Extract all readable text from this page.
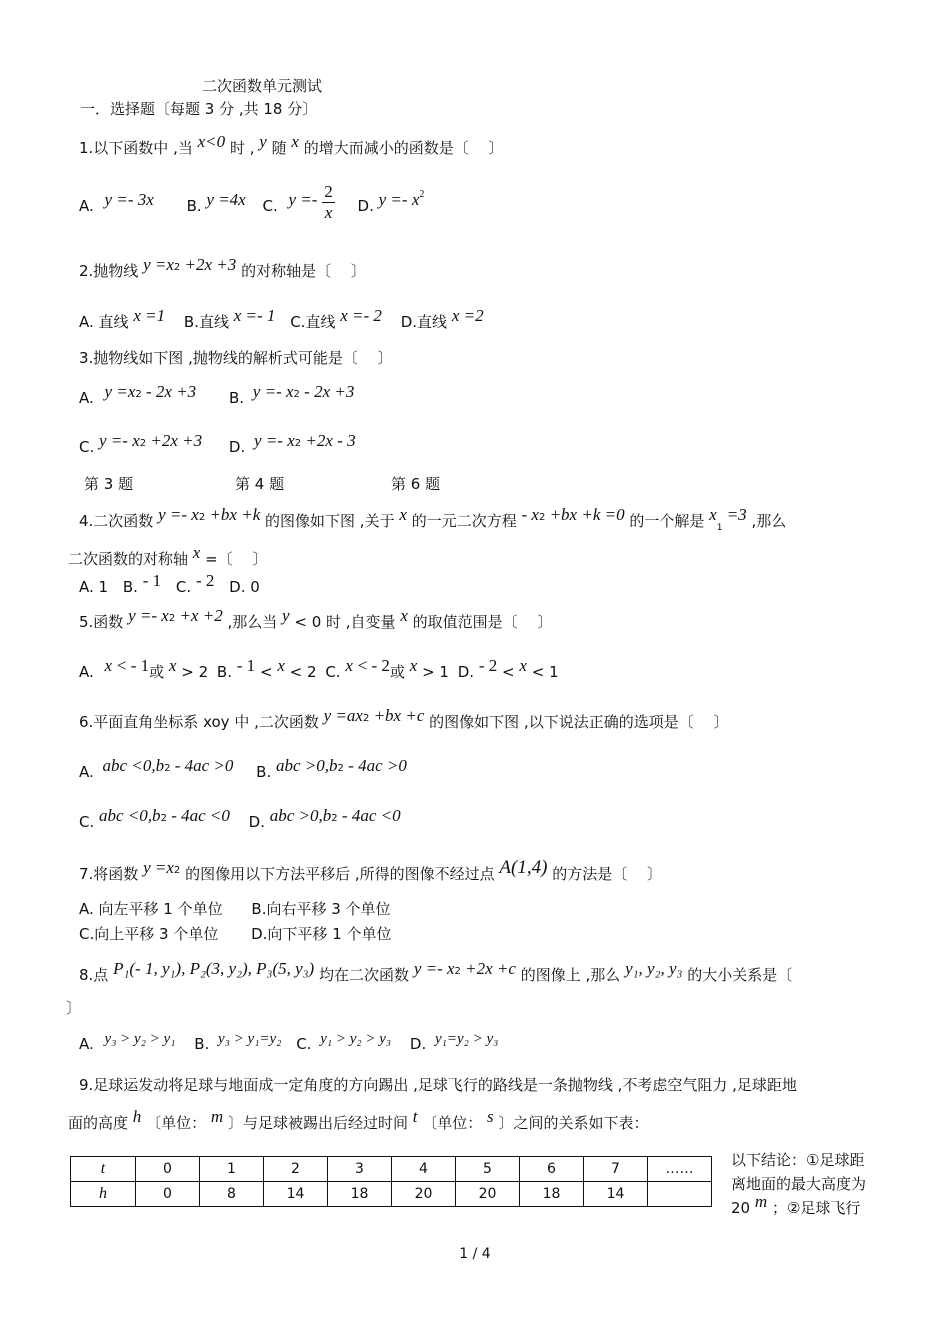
二次函数单元测试
一．选择题〔每题 3 分 ,共 18 分〕
1.以下函数中 ,当 x<0 时 , y 随 x 的增大而减小的函数是〔　 〕
A. y =- 3x B. y =4x C. $y =- \frac{2}{x} D$. $y =- x^2$
2.抛物线 $y =x^2 +2x +3$ 的对称轴是〔　 〕
A. 直线 x =1 B.直线 x =- 1 C.直线 x =- 2 D.直线 x =2
3.抛物线如下图 ,抛物线的解析式可能是〔　 〕
A. $y =x^2 - 2x +3$ B. $y =- x^2 - 2x +3$
C. $y =- x^2 +2x +3$ D. $y =- x^2 +2x - 3$
第 3 题	第 4 题	第 6 题
4.二次函数 $y =- x^2 +bx +k$ 的图像如下图 ,关于 x 的一元二次方程 - $x^2 +bx +k =0$ 的一个解是 $x_1 =3$ ,那么
二次函数的对称轴 x =〔　 〕
A. 1 B. - 1 C. - 2 D. 0
5.函数 $y =- x^2 +x +2$ ,那么当 y < 0 时 ,自变量 x 的取值范围是〔　 〕
A. x < - 1或 x > 2 B. - 1 < x < 2 C. x < - 2或 x > 1 D. - 2 < x < 1
6.平面直角坐标系 xoy 中 ,二次函数 $y =ax^2 +bx +c$ 的图像如下图 ,以下说法正确的选项是〔　 〕
A. abc $<0,b^2 - 4ac >0$ B. abc $>0,b^2 - 4ac >0$
C. abc $<0,b^2 - 4ac <0$ D. abc $>0,b^2 - 4ac <0$
7.将函数 $y =x^2$ 的图像用以下方法平移后 ,所得的图像不经过点 A(1,4) 的方法是〔　 〕
A. 向左平移 1 个单位 B.向右平移 3 个单位
C.向上平移 3 个单位 D.向下平移 1 个单位
8.点 P₁(- 1, y₁), P₂(3, y₂), P₃(5, y₃) 均在二次函数 $y =- x^2 +2x +c$ 的图像上 ,那么 y₁, y₂, y₃ 的大小关系是〔
〕
A. y₃ > y₂ > y₁ B. y₃ > y₁=y₂ C. y₁ > y₂ > y₃ D. y₁=y₂ > y₃
9.足球运发动将足球与地面成一定角度的方向踢出 ,足球飞行的路线是一条抛物线 ,不考虑空气阻力 ,足球距地
面的高度 h 〔单位： m 〕与足球被踢出后经过时间 t 〔单位： s 〕之间的关系如下表：
t	0	1	2	3	4	5	6	7	……
h	0	8	14	18	20	20	18	14	
以下结论：①足球距
离地面的最大高度为
20 m ；②足球飞行
1 / 4
